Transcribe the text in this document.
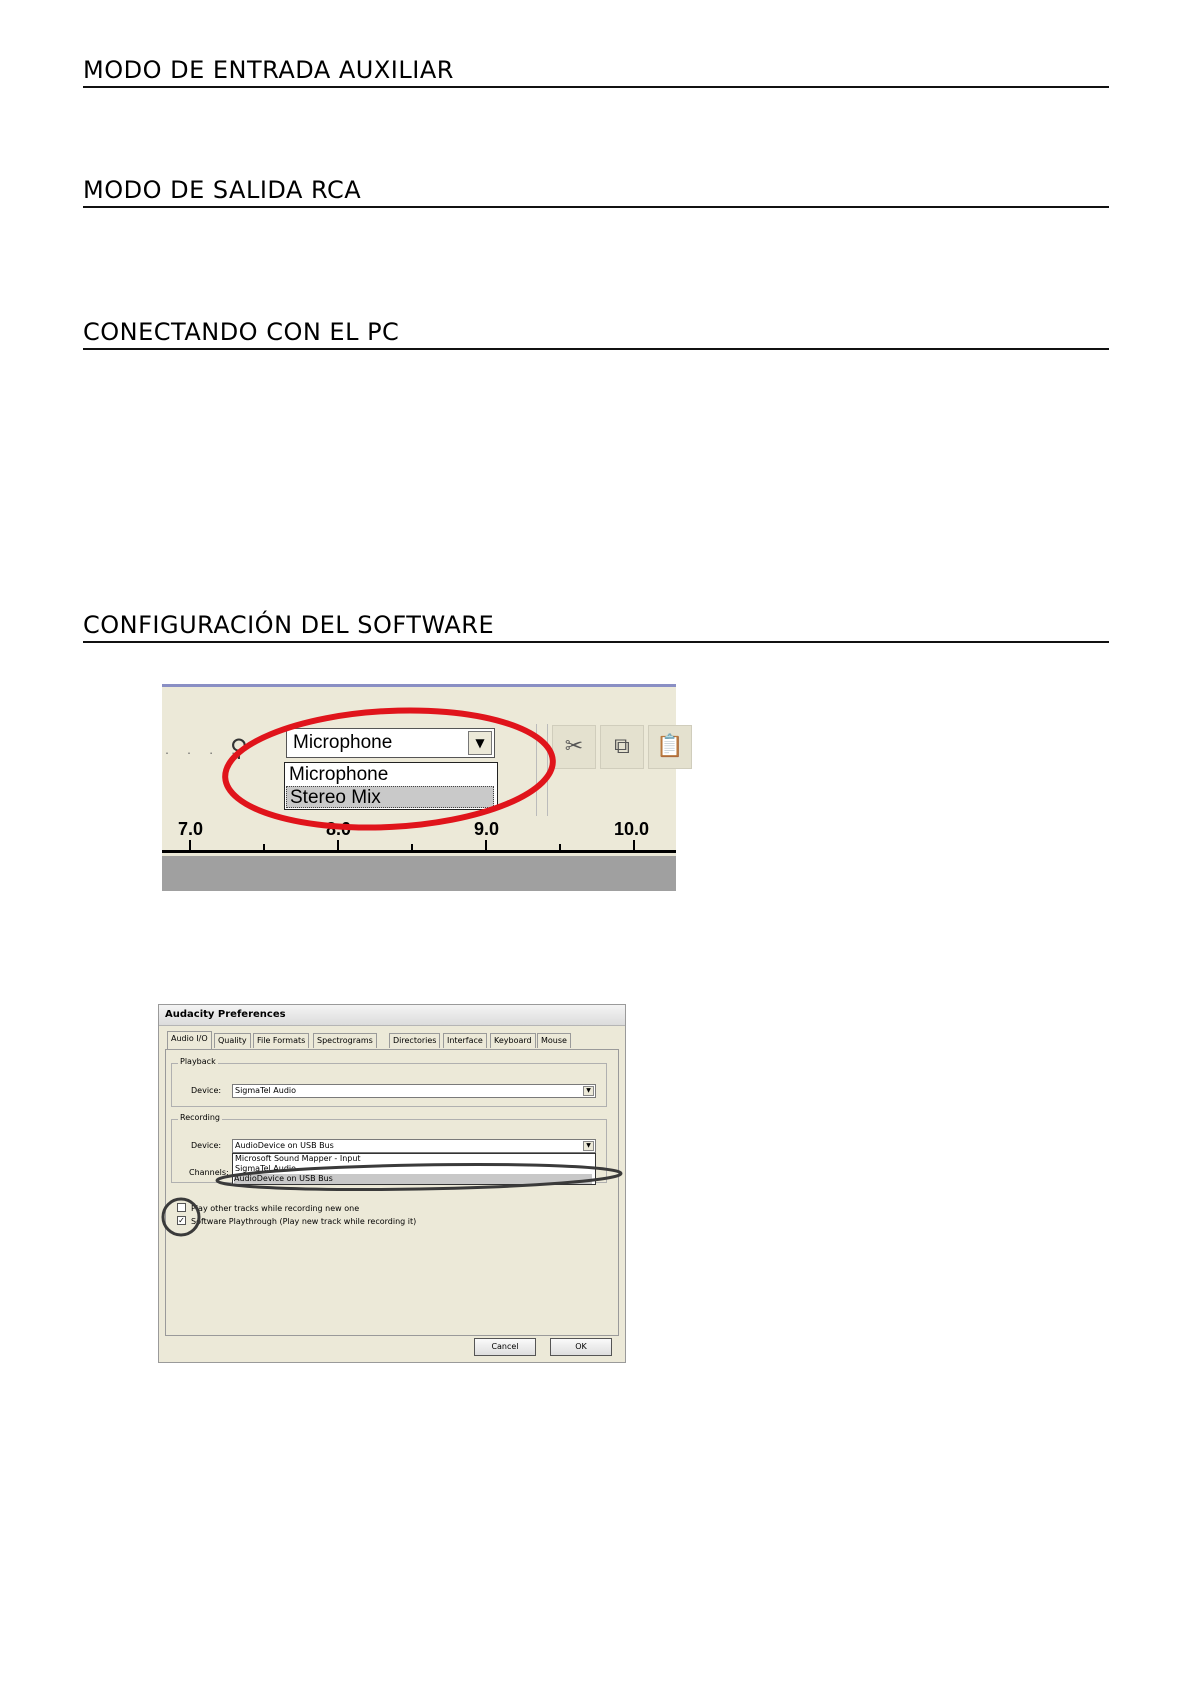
MODO DE ENTRADA AUXILIAR
MODO DE SALIDA RCA
CONECTANDO CON EL PC
CONFIGURACIÓN DEL SOFTWARE
. . . .
⚲ Microphone	▼
Microphone
Stereo Mix
✂	⧉	📋
7.0	8.0	9.0	10.0
Audacity Preferences
Audio I/O	Quality	File Formats	Spectrograms	Directories	Interface	Keyboard	Mouse
Playback
Device:	SigmaTel Audio	▼
Recording
Device:	AudioDevice on USB Bus	▼
Channels:
Microsoft Sound Mapper - Input
SigmaTel Audio
AudioDevice on USB Bus
Play other tracks while recording new one
✓ Software Playthrough (Play new track while recording it)
Cancel	OK
